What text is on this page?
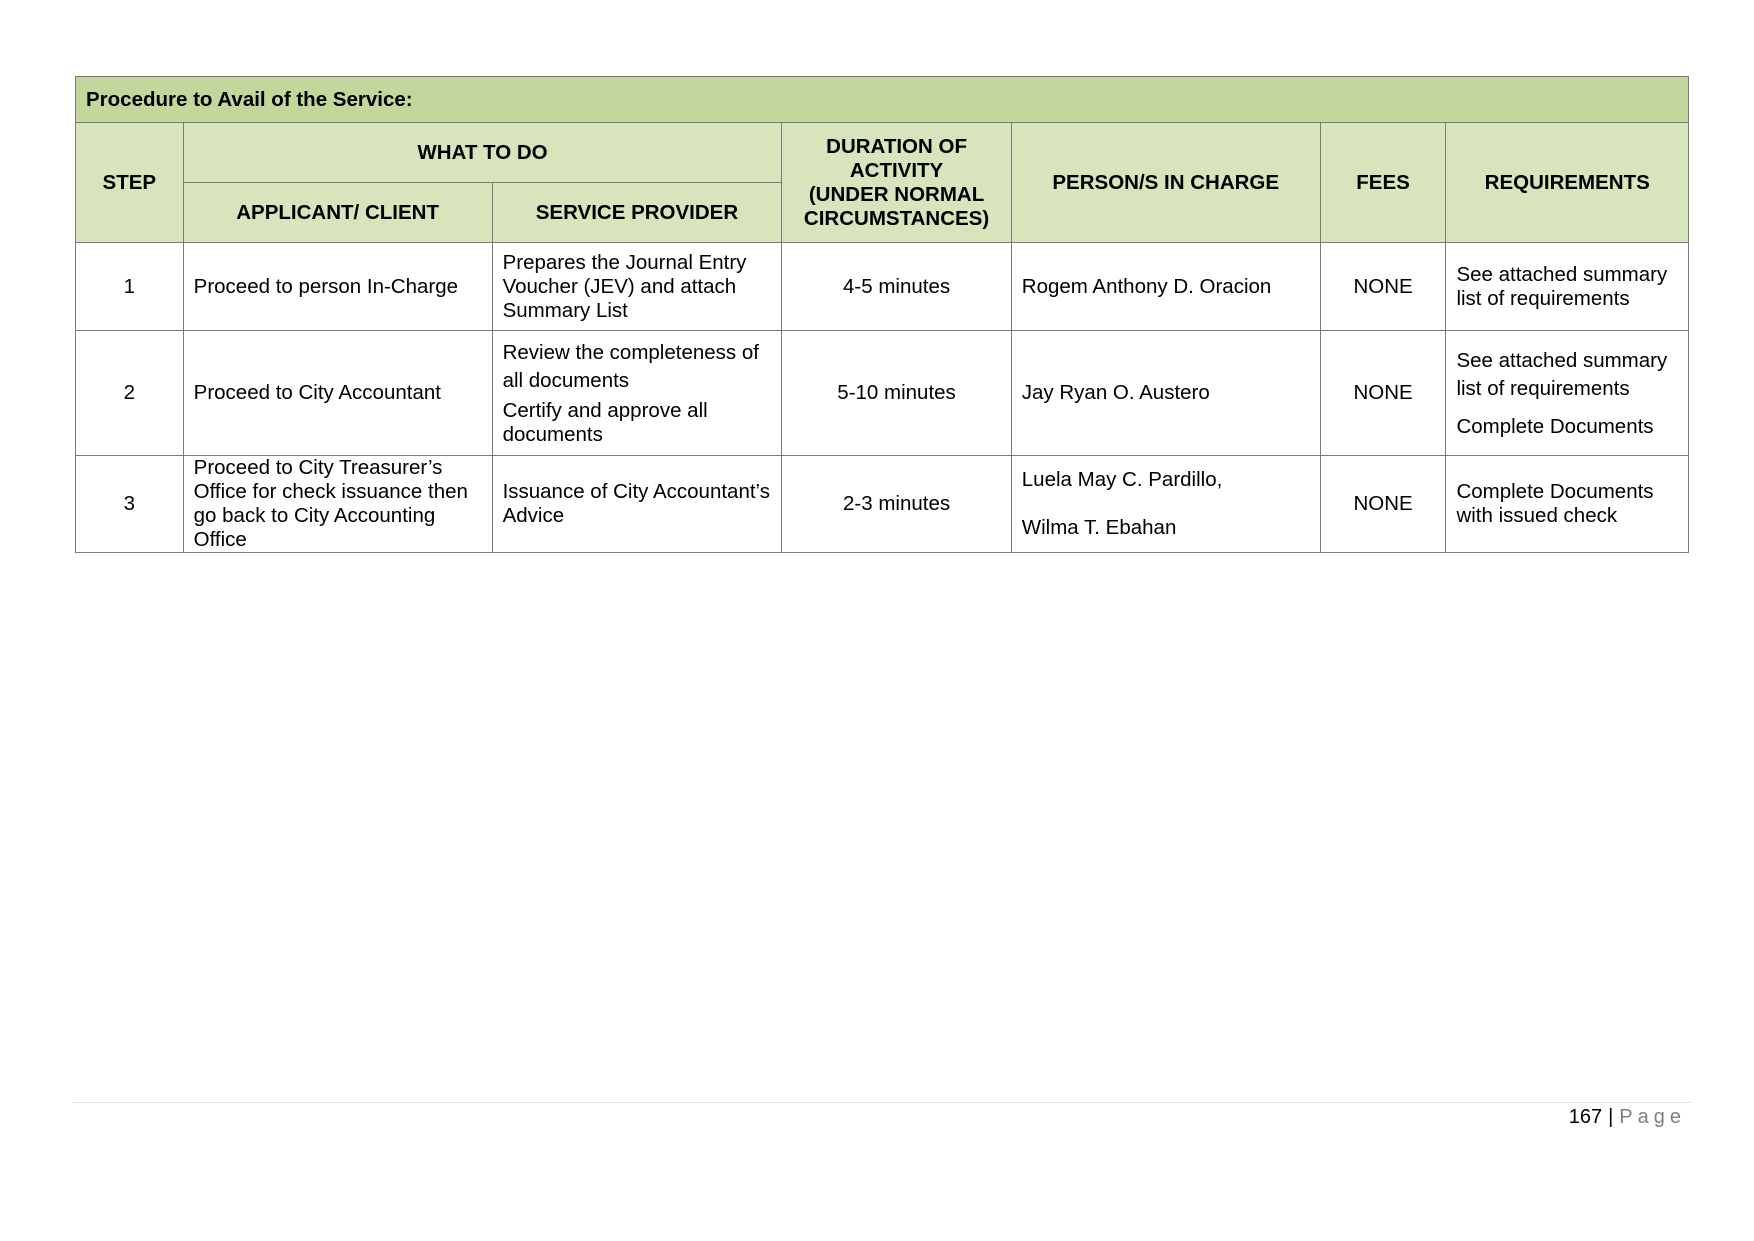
Procedure to Avail of the Service:						
STEP	WHAT TO DO		DURATION OF
ACTIVITY
(UNDER NORMAL
CIRCUMSTANCES)	PERSON/S IN CHARGE	FEES	REQUIREMENTS
	APPLICANT/ CLIENT	SERVICE PROVIDER				
1	Proceed to person In-Charge	Prepares the Journal Entry Voucher (JEV) and attach Summary List	4-5 minutes	Rogem Anthony D. Oracion	NONE	See attached summary list of requirements

2	Proceed to City Accountant	Review the completeness of all documents
Certify and approve all documents	5-10 minutes	Jay Ryan O. Austero	NONE	See attached summary list of requirements
Complete Documents

3	Proceed to City Treasurer’s Office for check issuance then go back to City Accounting Office	Issuance of City Accountant’s Advice	2-3 minutes	Luela May C. Pardillo,
Wilma T. Ebahan	NONE	Complete Documents with issued check
167 | Page
